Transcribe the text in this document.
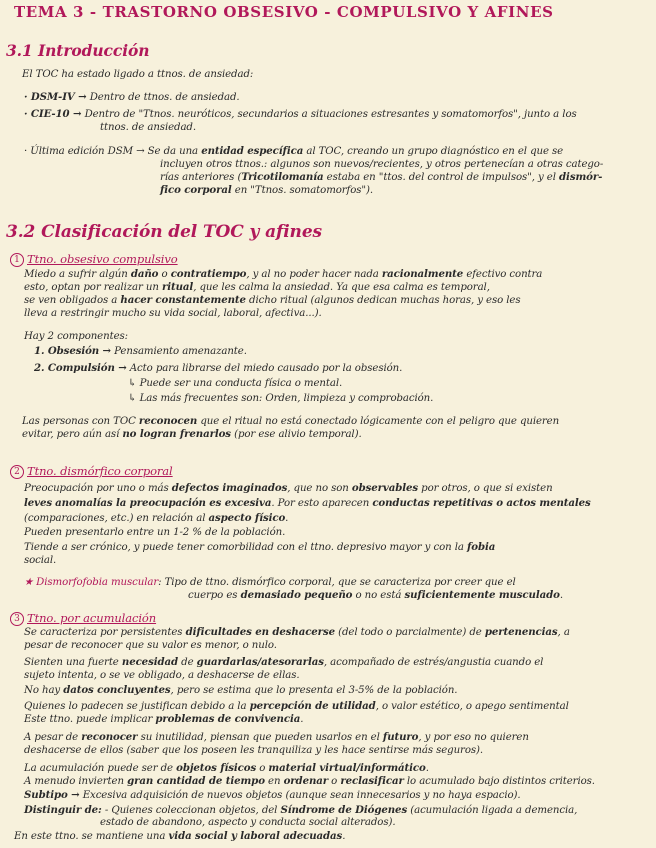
TEMA 3 - TRASTORNO OBSESIVO - COMPULSIVO Y AFINES
3.1 Introducción
El TOC ha estado ligado a ttnos. de ansiedad:
· DSM-IV → Dentro de ttnos. de ansiedad.
· CIE-10 → Dentro de "Ttnos. neuróticos, secundarios a situaciones estresantes y somatomorfos", junto a los
ttnos. de ansiedad.
· Última edición DSM → Se da una entidad específica al TOC, creando un grupo diagnóstico en el que se
incluyen otros ttnos.: algunos son nuevos/recientes, y otros pertenecían a otras catego-
rías anteriores (Tricotilomanía estaba en "ttos. del control de impulsos", y el dismór-
fico corporal en "Ttnos. somatomorfos").
3.2 Clasificación del TOC y afines
1 Ttno. obsesivo compulsivo
Miedo a sufrir algún daño o contratiempo, y al no poder hacer nada racionalmente efectivo contra
esto, optan por realizar un ritual, que les calma la ansiedad. Ya que esa calma es temporal,
se ven obligados a hacer constantemente dicho ritual (algunos dedican muchas horas, y eso les
lleva a restringir mucho su vida social, laboral, afectiva...).
Hay 2 componentes:
1. Obsesión → Pensamiento amenazante.
2. Compulsión → Acto para librarse del miedo causado por la obsesión.
↳ Puede ser una conducta física o mental.
↳ Las más frecuentes son: Orden, limpieza y comprobación.
Las personas con TOC reconocen que el ritual no está conectado lógicamente con el peligro que quieren
evitar, pero aún así no logran frenarlos (por ese alivio temporal).
2 Ttno. dismórfico corporal
Preocupación por uno o más defectos imaginados, que no son observables por otros, o que si existen
leves anomalías la preocupación es excesiva. Por esto aparecen conductas repetitivas o actos mentales
(comparaciones, etc.) en relación al aspecto físico.
Pueden presentarlo entre un 1-2 % de la población.
Tiende a ser crónico, y puede tener comorbilidad con el ttno. depresivo mayor y con la fobia
social.
★ Dismorfofobia muscular: Tipo de ttno. dismórfico corporal, que se caracteriza por creer que el
cuerpo es demasiado pequeño o no está suficientemente musculado.
3 Ttno. por acumulación
Se caracteriza por persistentes dificultades en deshacerse (del todo o parcialmente) de pertenencias, a
pesar de reconocer que su valor es menor, o nulo.
Sienten una fuerte necesidad de guardarlas/atesorarlas, acompañado de estrés/angustia cuando el
sujeto intenta, o se ve obligado, a deshacerse de ellas.
No hay datos concluyentes, pero se estima que lo presenta el 3-5% de la población.
Quienes lo padecen se justifican debido a la percepción de utilidad, o valor estético, o apego sentimental
Este ttno. puede implicar problemas de convivencia.
A pesar de reconocer su inutilidad, piensan que pueden usarlos en el futuro, y por eso no quieren
deshacerse de ellos (saber que los poseen les tranquiliza y les hace sentirse más seguros).
La acumulación puede ser de objetos físicos o material virtual/informático.
A menudo invierten gran cantidad de tiempo en ordenar o reclasificar lo acumulado bajo distintos criterios.
Subtipo → Excesiva adquisición de nuevos objetos (aunque sean innecesarios y no haya espacio).
Distinguir de: - Quienes coleccionan objetos, del Síndrome de Diógenes (acumulación ligada a demencia,
estado de abandono, aspecto y conducta social alterados).
En este ttno. se mantiene una vida social y laboral adecuadas.
